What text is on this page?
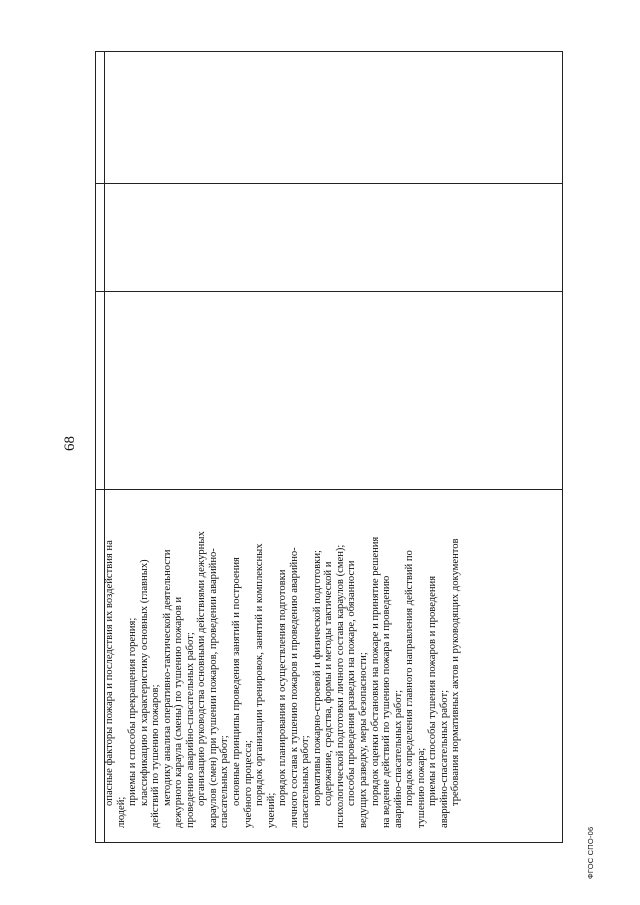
68
опасные факторы пожара и последствия их воздействия на
людей;
приемы и способы прекращения горения; классификацию и характеристику основных (главных) действий по тушению пожаров; методику анализа оперативно-тактической деятельности дежурного караула (смены) по тушению пожаров и проведению аварийно-спасательных работ; организацию руководства основными действиями дежурных караулов (смен) при тушении пожаров, проведении аварийно- спасательных работ; основные принципы проведения занятий и построения учебного процесса; порядок организации тренировок, занятий и комплексных
учений;
порядок планирования и осуществления подготовки личного состава к тушению пожаров и проведению аварийно- спасательных работ; нормативы пожарно-строевой и физической подготовки; содержание, средства, формы и методы тактической и психологической подготовки личного состава караулов (смен); способы проведения разведки на пожаре, обязанности ведущих разведку, меры безопасности; порядок оценки обстановки на пожаре и принятие решения на ведение действий по тушению пожара и проведению аварийно-спасательных работ; порядок определения главного направления действий по тушению пожара; приемы и способы тушения пожаров и проведения аварийно-спасательных работ; требования нормативных актов и руководящих документов
ФГОС СПО-06
